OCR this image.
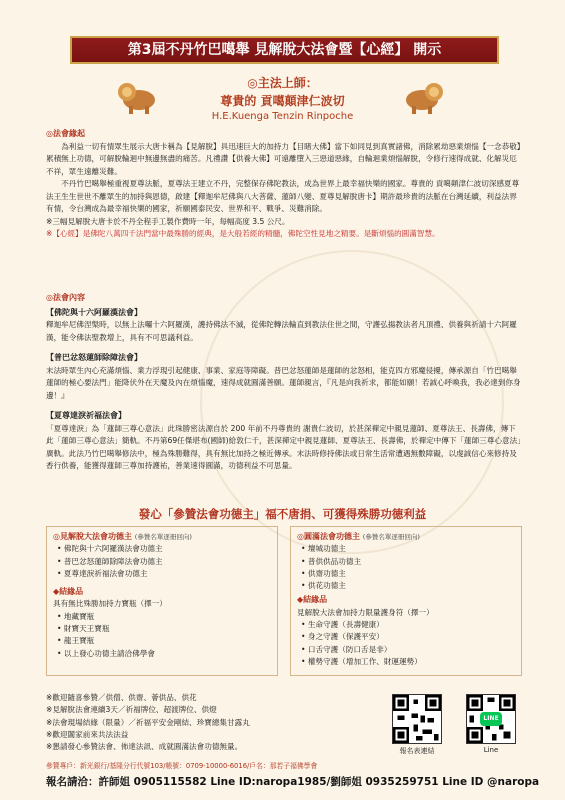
第3屆不丹竹巴噶舉 見解脫大法會暨【心經】 開示
◎主法上師：
尊貴的 貢噶顛津仁波切
H.E.Kuenga Tenzin Rinpoche
◎法會緣起

為利益一切有情眾生展示大唐卡稱為【見解脫】具迅速巨大的加持力【目睹大佛】當下如同見到真實諸佛，消除累劫惡業煩惱【一念恭敬】累積無上功德，可解脫輪迴中無邊無盡的痛苦。凡禮讚【供養大佛】可遠離墮入三惡道惡緣，自輪迴業煩惱解脫，令修行速得成就、化解災厄不祥，眾生遠離災難。

不丹竹巴噶舉極重視夏尊法脈，夏尊法王建立不丹，完整保存佛陀教法，成為世界上最幸福快樂的國家。尊貴的 貢噶顛津仁波切深感夏尊法王生生世世不離眾生的加持與恩德，啟建【釋迦牟尼佛與八大菩薩、蓮師八變、夏尊見解脫唐卡】期許最珍貴的法脈在台灣延續，利益法界有情，令台灣成為最幸福快樂的國家，祈願國泰民安、世界和平、戰爭、災難消除。

※三幅見解脫大唐卡於不丹全程手工製作費時一年，每幅高度 3.5 公尺。

※【心經】是佛陀八萬四千法門當中最殊勝的經典，是大般若經的精髓，佛陀空性見地之精要。是斷煩惱的圓滿智慧。

◎法會內容
【佛陀與十六阿羅漢法會】

釋迦牟尼佛涅槃時，以無上法囑十六阿羅漢，護持佛法不滅，從佛陀轉法輪直到教法住世之間，守護弘揚教法者凡頂禮、供養與祈請十六阿羅漢，能令佛法聖教增上，具有不可思議利益。

【普巴忿怒蓮師除障法會】

末法時眾生內心充滿煩惱、業力浮現引起健康、事業、家庭等障礙。普巴忿怒蓮師是蓮師的忿怒相，能克四方邪魔侵擾，傳承源自「竹巴噶舉蓮師的極心要法門」能降伏外在天魔及內在煩惱魔，速得成就圓滿善願。蓮師親言，『凡是向我祈求，都能如願！若誠心呼喚我，我必達到你身邊！』

【夏尊達淚祈福法會】

「夏尊達淚」為「蓮師三尊心意法」此珠勝密法源自於 200 年前不丹尊貴的 謝貴仁波切，於甚深禪定中親見蓮師、夏尊法王、長壽佛，傳下此「蓮師三尊心意法」簡軌。不丹第69任傑堪布(國師)給敦仁千，甚深禪定中親見蓮師、夏尊法王、長壽佛，於禪定中傳下「蓮師三尊心意法」廣軌。此法乃竹巴噶舉修法中，極為殊勝難得，具有無比加持之極近傳承。末法時修持佛法或日常生活常遭遇無數障礙，以虔誠信心來修持及香行供養，能獲得蓮師三尊加持護祐，善業速得圓滿，功德利益不可思量。

發心「參贊法會功德主」福不唐捐、可獲得殊勝功德利益
◎見解脫大法會功德主 (參贊名單逐冊回向)
• 佛陀與十六阿羅漢法會功德主
• 普巴忿怒蓮師除障法會功德主
• 夏尊達淚祈福法會功德主
◆結緣品
具有無比殊勝加持力寶瓶（擇一）
• 地藏寶瓶
• 財寶天王寶瓶
• 龍王寶瓶
• 以上發心功德主請洽佛學會
◎圓滿法會功德主 (參贊名單逐冊回向)
• 壇城功德主
• 普供供品功德主
• 供齋功德主
• 供花功德主
◆結緣品
見解脫大法會加持力限量護身符（擇一）
• 生命守護（長壽健康）
• 身之守護（保護平安）
• 口舌守護（防口舌是非）
• 權勢守護（增加工作、財運運勢）
※歡迎隨喜參贊／供僧、供齋、薈供品、供花
※見解脫法會連續3天／祈福牌位、超渡牌位、供燈
※法會現場結緣（限量）／祈福平安金剛結、珍寶總集甘露丸
※歡迎闔家前來共法法益
※懇請發心參贊法會、佈達法訊、成就圓滿法會功德無量。	報名表連結
LINE
Line
參贊專戶：新光銀行/基隆分行代號103/帳號：0709-10000-6016/戶名：那若子福佛學會
報名請洽：許師姐 0905115582 Line ID:naropa1985/劉師姐 0935259751 Line ID @naropa
